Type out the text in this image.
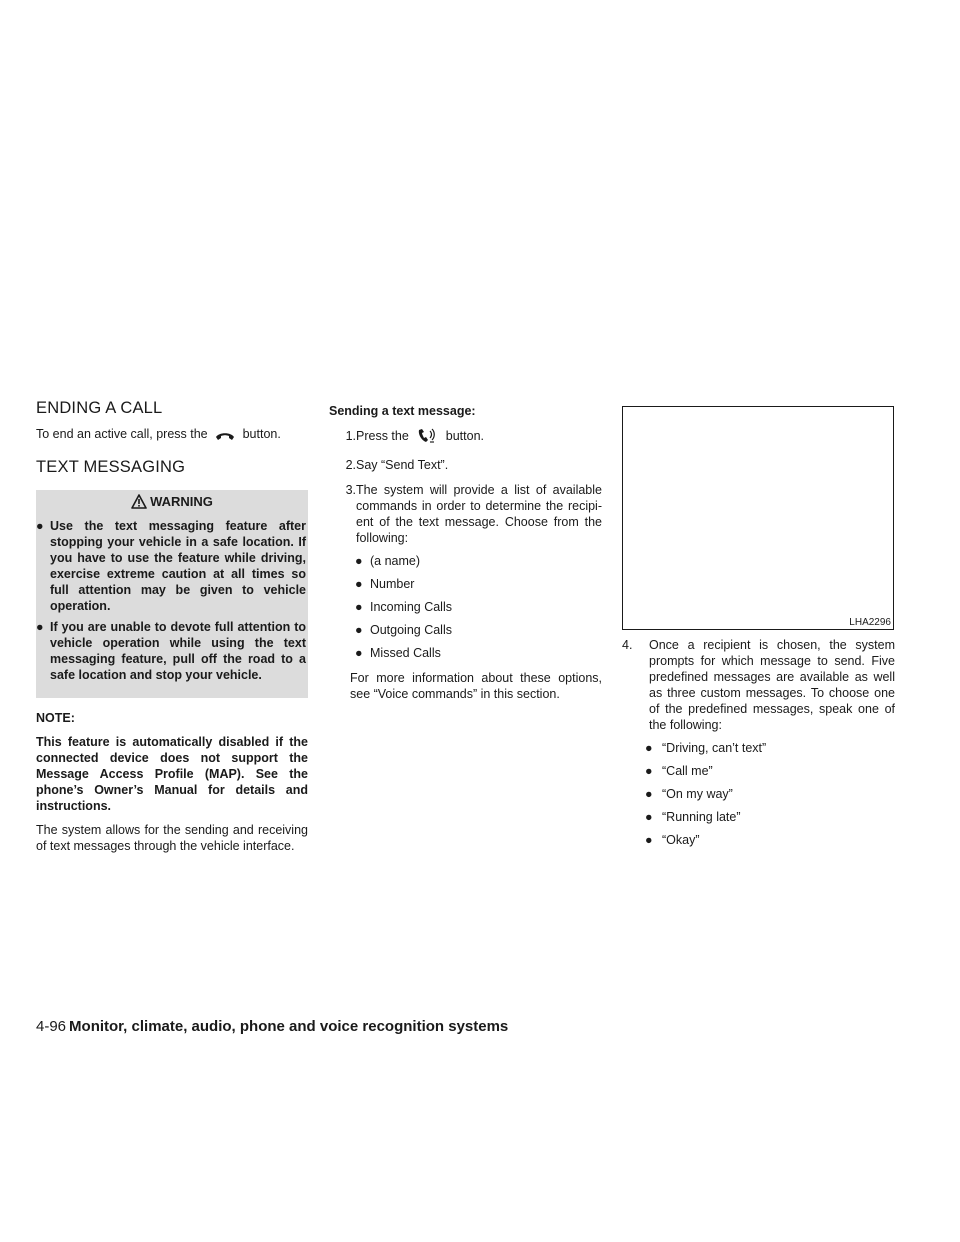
ENDING A CALL

To end an active call, press the	button.

TEXT MESSAGING
WARNING
● Use the text messaging feature after stopping your vehicle in a safe location. If you have to use the feature while driving, exercise extreme caution at all times so full attention may be given to vehicle operation.
● If you are unable to devote full attention to vehicle operation while using the text messaging feature, pull off the road to a safe location and stop your vehicle.

NOTE:

This feature is automatically disabled if the connected device does not support the Message Access Profile (MAP). See the phone’s Owner’s Manual for details and instructions.

The system allows for the sending and receiving of text messages through the vehicle interface.

Sending a text message:

1. Press the	button.
2. Say “Send Text”.
3. The system will provide a list of available commands in order to determine the recipi- ent of the text message. Choose from the following:
● (a name)
● Number
● Incoming Calls
● Outgoing Calls
● Missed Calls

For more information about these options, see “Voice commands” in this section.

LHA2296
4.	Once a recipient is chosen, the system prompts for which message to send. Five predefined messages are available as well as three custom messages. To choose one of the predefined messages, speak one of the following:
● “Driving, can’t text”
● “Call me”
● “On my way”
● “Running late”
● “Okay”
4-96 Monitor, climate, audio, phone and voice recognition systems
